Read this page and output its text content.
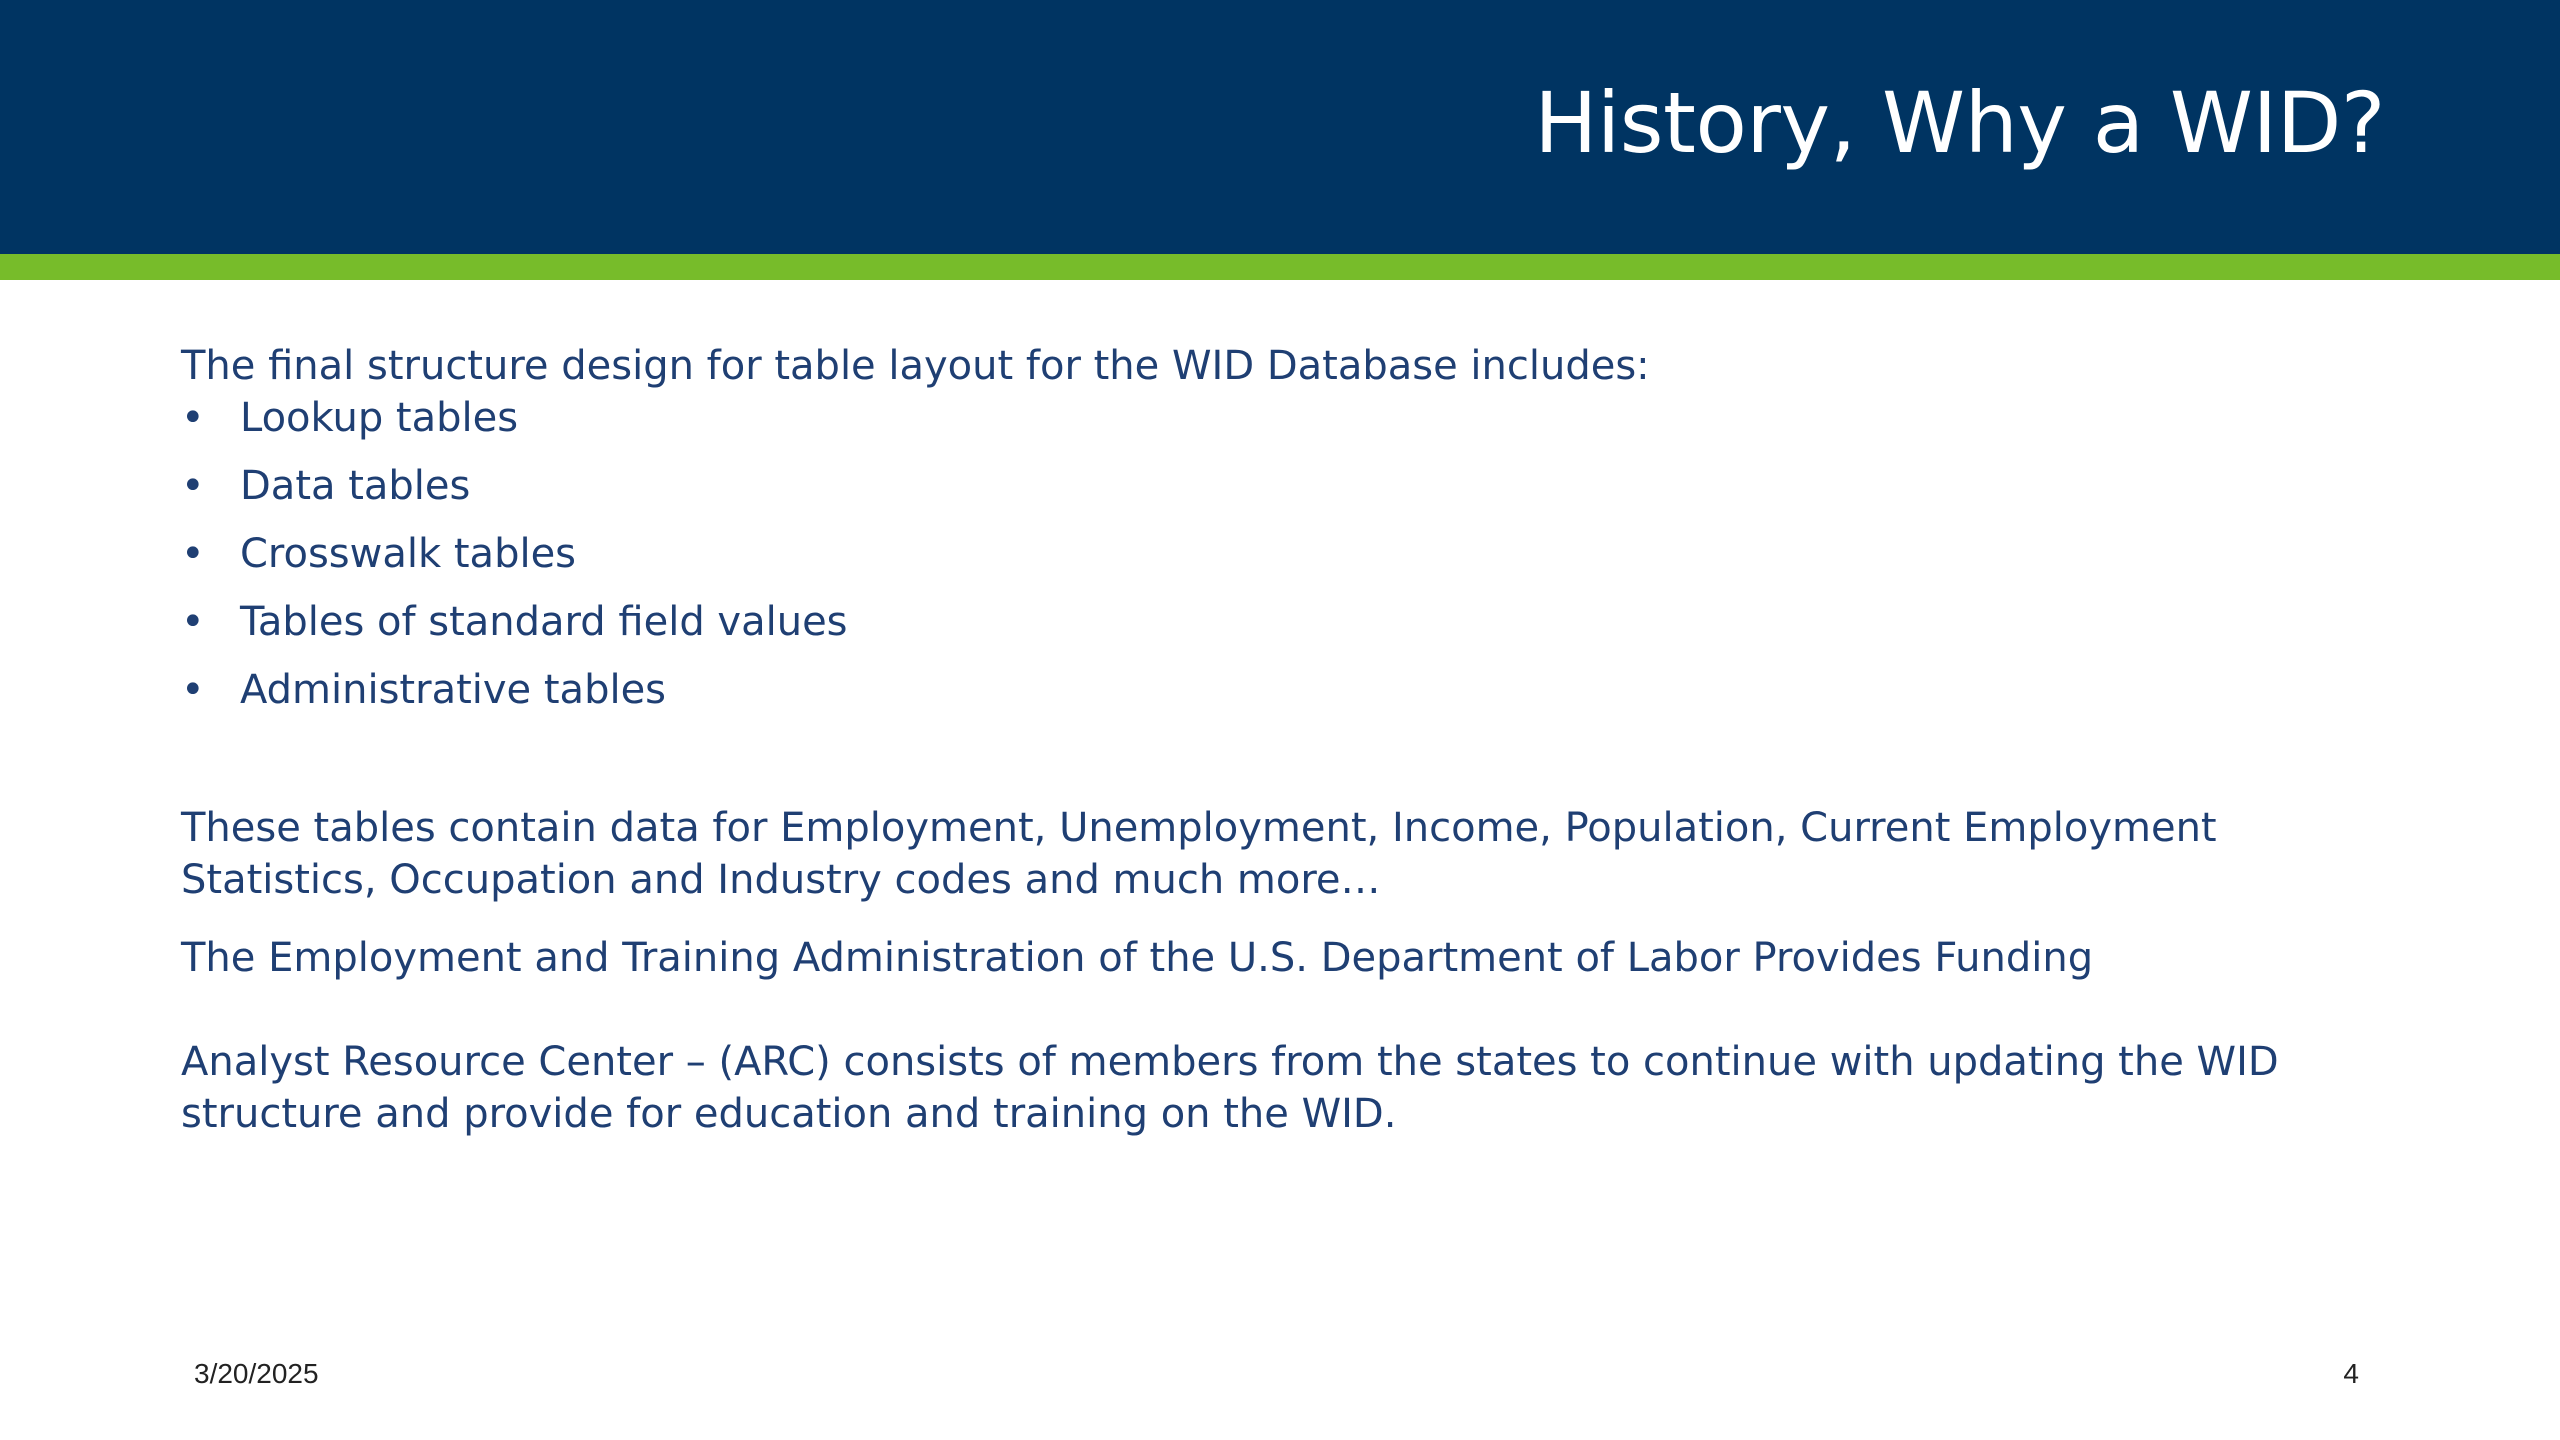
History, Why a WID?

The final structure design for table layout for the WID Database includes:

• Lookup tables
• Data tables
• Crosswalk tables
• Tables of standard field values
• Administrative tables

These tables contain data for Employment, Unemployment, Income, Population, Current Employment Statistics, Occupation and Industry codes and much more…

The Employment and Training Administration of the U.S. Department of Labor Provides Funding

Analyst Resource Center – (ARC) consists of members from the states to continue with updating the WID structure and provide for education and training on the WID.

3/20/2025	4
